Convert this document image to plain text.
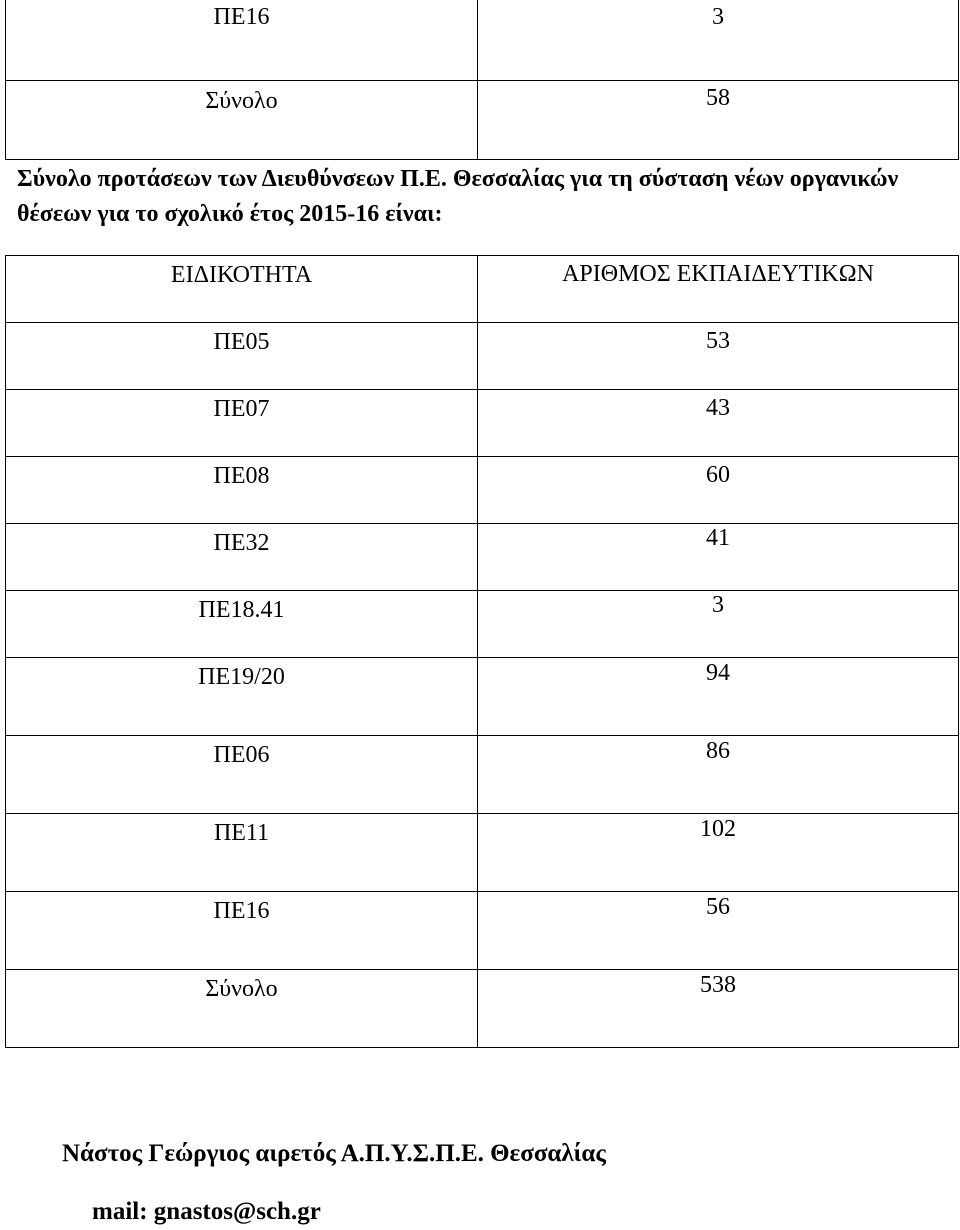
ΠΕ16	3

Σύνολο	58

Σύνολο προτάσεων των Διευθύνσεων Π.Ε. Θεσσαλίας για τη σύσταση νέων οργανικών θέσεων για το σχολικό έτος 2015-16 είναι:

ΕΙΔΙΚΟΤΗΤΑ	ΑΡΙΘΜΟΣ ΕΚΠΑΙΔΕΥΤΙΚΩΝ

ΠΕ05	53

ΠΕ07	43

ΠΕ08	60

ΠΕ32	41

ΠΕ18.41	3

ΠΕ19/20	94

ΠΕ06	86

ΠΕ11	102

ΠΕ16	56

Σύνολο	538

Νάστος Γεώργιος αιρετός Α.Π.Υ.Σ.Π.Ε. Θεσσαλίας

mail: gnastos@sch.gr
